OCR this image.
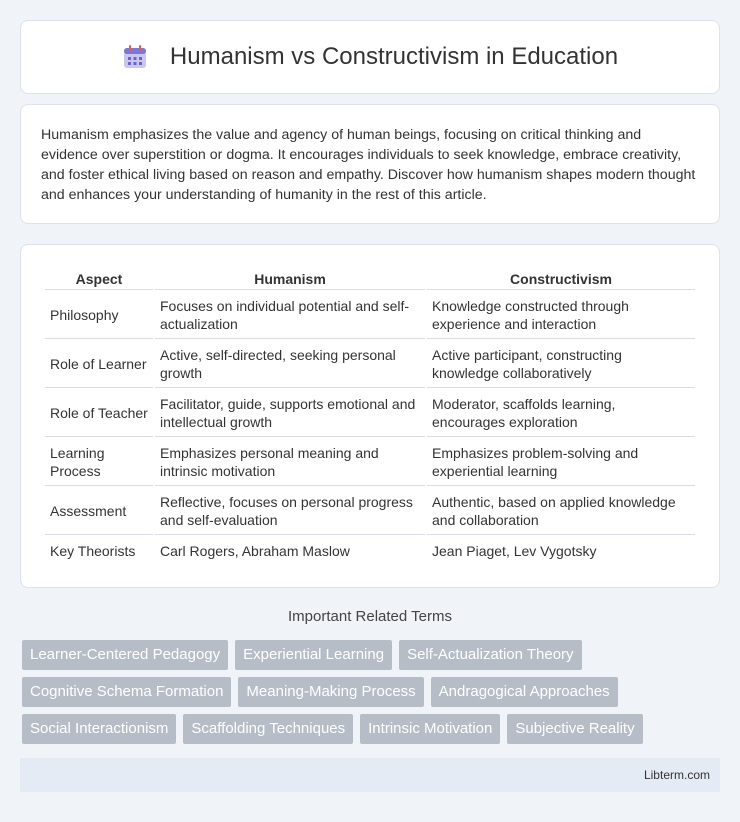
Humanism vs Constructivism in Education

Humanism emphasizes the value and agency of human beings, focusing on critical thinking and evidence over superstition or dogma. It encourages individuals to seek knowledge, embrace creativity, and foster ethical living based on reason and empathy. Discover how humanism shapes modern thought and enhances your understanding of humanity in the rest of this article.

Aspect	Humanism	Constructivism
Philosophy	Focuses on individual potential and self-actualization	Knowledge constructed through experience and interaction
Role of Learner	Active, self-directed, seeking personal growth	Active participant, constructing knowledge collaboratively
Role of Teacher	Facilitator, guide, supports emotional and intellectual growth	Moderator, scaffolds learning, encourages exploration
Learning Process	Emphasizes personal meaning and intrinsic motivation	Emphasizes problem-solving and experiential learning
Assessment	Reflective, focuses on personal progress and self-evaluation	Authentic, based on applied knowledge and collaboration
Key Theorists	Carl Rogers, Abraham Maslow	Jean Piaget, Lev Vygotsky
Important Related Terms
Learner-Centered Pedagogy	Experiential Learning	Self-Actualization Theory
Cognitive Schema Formation	Meaning-Making Process	Andragogical Approaches
Social Interactionism	Scaffolding Techniques	Intrinsic Motivation	Subjective Reality
Libterm.com
